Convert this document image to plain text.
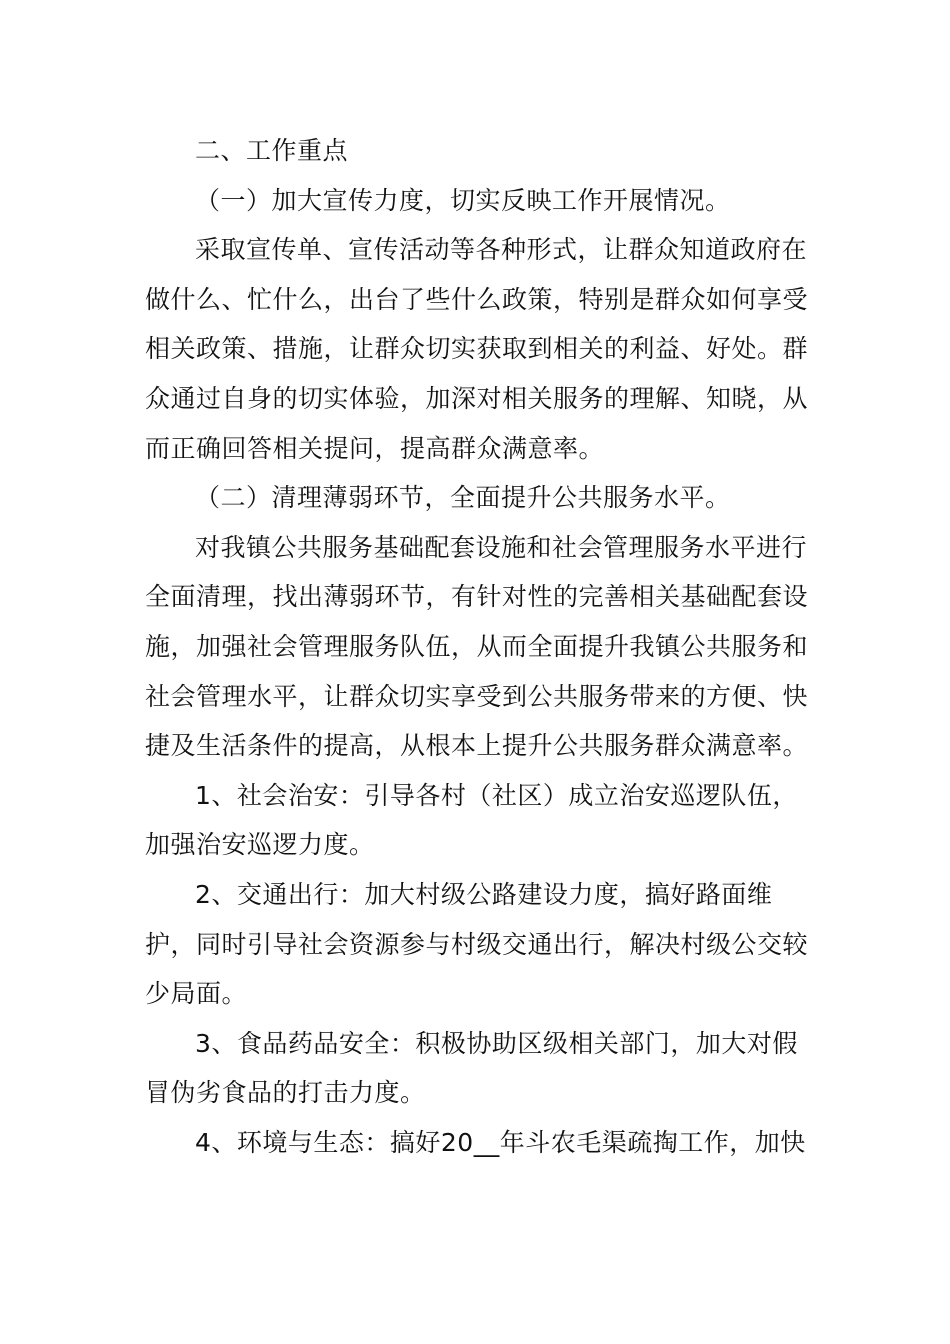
二、工作重点

（一）加大宣传力度，切实反映工作开展情况。

采取宣传单、宣传活动等各种形式，让群众知道政府在做什么、忙什么，出台了些什么政策，特别是群众如何享受相关政策、措施，让群众切实获取到相关的利益、好处。群众通过自身的切实体验，加深对相关服务的理解、知晓，从而正确回答相关提问，提高群众满意率。

（二）清理薄弱环节，全面提升公共服务水平。

对我镇公共服务基础配套设施和社会管理服务水平进行全面清理，找出薄弱环节，有针对性的完善相关基础配套设施，加强社会管理服务队伍，从而全面提升我镇公共服务和社会管理水平，让群众切实享受到公共服务带来的方便、快捷及生活条件的提高，从根本上提升公共服务群众满意率。

1、社会治安：引导各村（社区）成立治安巡逻队伍，加强治安巡逻力度。

2、交通出行：加大村级公路建设力度，搞好路面维护，同时引导社会资源参与村级交通出行，解决村级公交较少局面。

3、食品药品安全：积极协助区级相关部门，加大对假冒伪劣食品的打击力度。

4、环境与生态：搞好20__年斗农毛渠疏掏工作，加快
